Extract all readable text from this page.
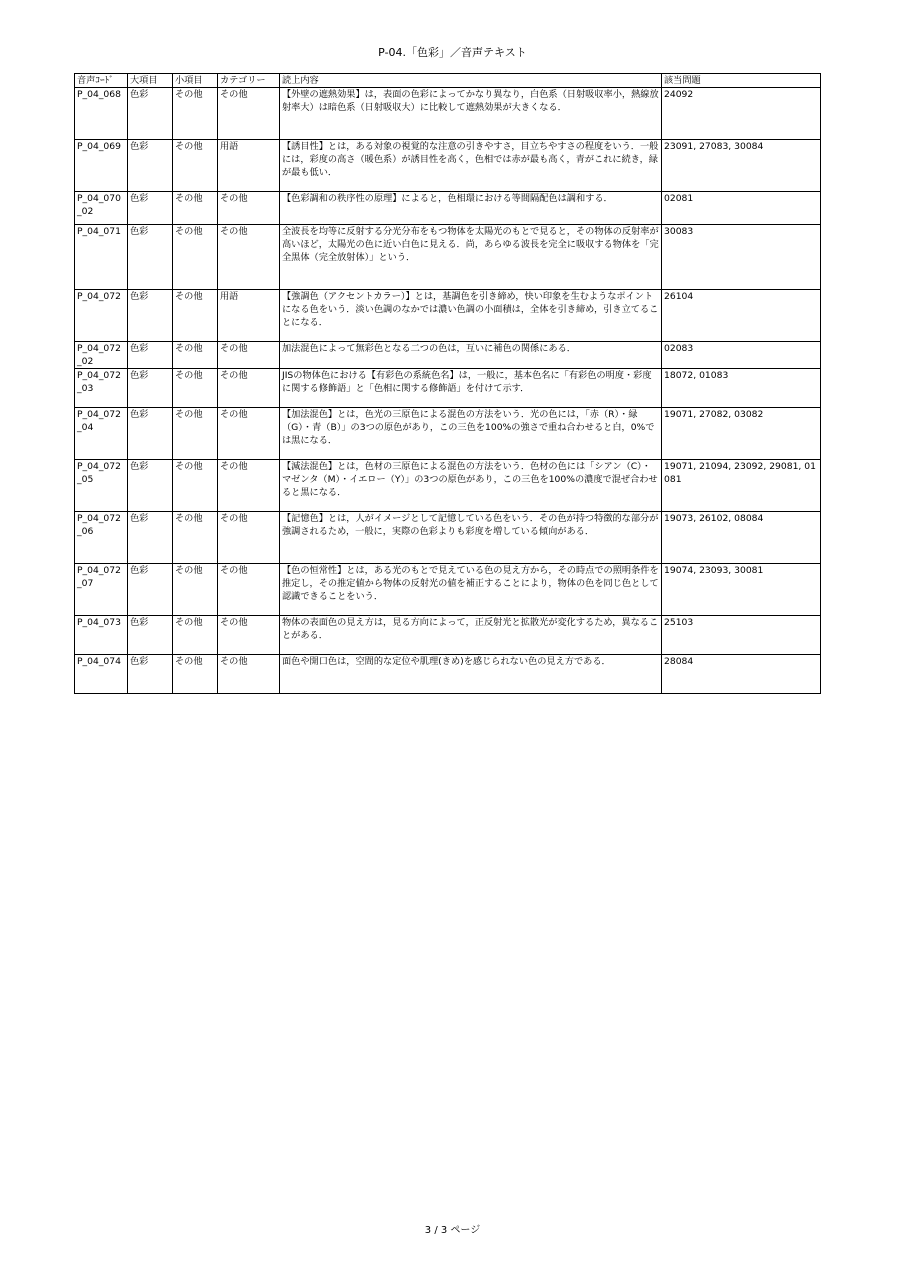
P-04.「色彩」／音声テキスト
音声ｺｰﾄﾞ	大項目	小項目	カテゴリー	読上内容	該当問題
P_04_068	色彩	その他	その他	【外壁の遮熱効果】は，表面の色彩によってかなり異なり，白色系（日射吸収率小，熱線放射率大）は暗色系（日射吸収大）に比較して遮熱効果が大きくなる．	24092
P_04_069	色彩	その他	用語	【誘目性】とは，ある対象の視覚的な注意の引きやすさ，目立ちやすさの程度をいう．一般には，彩度の高さ（暖色系）が誘目性を高く，色相では赤が最も高く，青がこれに続き，緑が最も低い．	23091, 27083, 30084
P_04_070_02	色彩	その他	その他	【色彩調和の秩序性の原理】によると，色相環における等間隔配色は調和する．	02081
P_04_071	色彩	その他	その他	全波長を均等に反射する分光分布をもつ物体を太陽光のもとで見ると，その物体の反射率が高いほど，太陽光の色に近い白色に見える．尚，あらゆる波長を完全に吸収する物体を「完全黒体（完全放射体）」という．	30083
P_04_072	色彩	その他	用語	【強調色（アクセントカラー）】とは，基調色を引き締め，快い印象を生むようなポイントになる色をいう．淡い色調のなかでは濃い色調の小面積は，全体を引き締め，引き立てることになる．	26104
P_04_072_02	色彩	その他	その他	加法混色によって無彩色となる二つの色は，互いに補色の関係にある．	02083
P_04_072_03	色彩	その他	その他	JISの物体色における【有彩色の系統色名】は，一般に，基本色名に「有彩色の明度・彩度に関する修飾語」と「色相に関する修飾語」を付けて示す．	18072, 01083
P_04_072_04	色彩	その他	その他	【加法混色】とは，色光の三原色による混色の方法をいう．光の色には，「赤（R）・緑（G）・青（B）」の3つの原色があり，この三色を100%の強さで重ね合わせると白，0%では黒になる．	19071, 27082, 03082
P_04_072_05	色彩	その他	その他	【減法混色】とは，色材の三原色による混色の方法をいう．色材の色には「シアン（C）・マゼンタ（M）・イエロー（Y）」の3つの原色があり，この三色を100%の濃度で混ぜ合わせると黒になる．	19071, 21094, 23092, 29081, 01081
P_04_072_06	色彩	その他	その他	【記憶色】とは，人がイメージとして記憶している色をいう．その色が持つ特徴的な部分が強調されるため，一般に，実際の色彩よりも彩度を増している傾向がある．	19073, 26102, 08084
P_04_072_07	色彩	その他	その他	【色の恒常性】とは，ある光のもとで見えている色の見え方から，その時点での照明条件を推定し，その推定値から物体の反射光の値を補正することにより，物体の色を同じ色として認識できることをいう．	19074, 23093, 30081
P_04_073	色彩	その他	その他	物体の表面色の見え方は，見る方向によって，正反射光と拡散光が変化するため，異なることがある．	25103
P_04_074	色彩	その他	その他	面色や開口色は，空間的な定位や肌理(きめ)を感じられない色の見え方である．	28084
3 / 3 ページ
